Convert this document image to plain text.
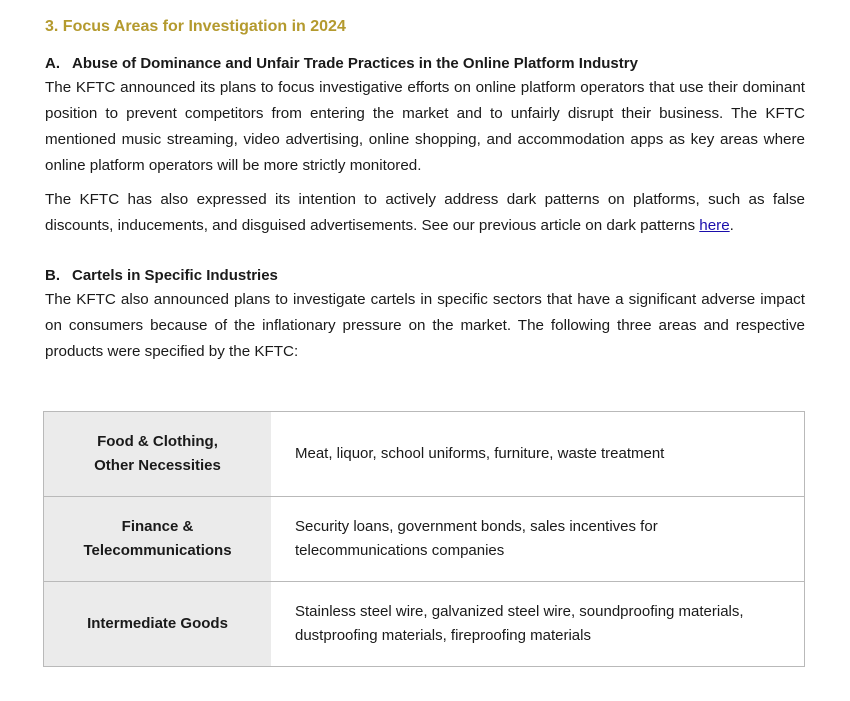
3. Focus Areas for Investigation in 2024
A. Abuse of Dominance and Unfair Trade Practices in the Online Platform Industry

The KFTC announced its plans to focus investigative efforts on online platform operators that use their dominant position to prevent competitors from entering the market and to unfairly disrupt their business. The KFTC mentioned music streaming, video advertising, online shopping, and accommodation apps as key areas where online platform operators will be more strictly monitored.

The KFTC has also expressed its intention to actively address dark patterns on platforms, such as false discounts, inducements, and disguised advertisements. See our previous article on dark patterns here.

B. Cartels in Specific Industries

The KFTC also announced plans to investigate cartels in specific sectors that have a significant adverse impact on consumers because of the inflationary pressure on the market. The following three areas and respective products were specified by the KFTC:

Food & Clothing,
Other Necessities	Meat, liquor, school uniforms, furniture, waste treatment

Finance &
Telecommunications	Security loans, government bonds, sales incentives for telecommunications companies

Intermediate Goods	Stainless steel wire, galvanized steel wire, soundproofing materials, dustproofing materials, fireproofing materials
